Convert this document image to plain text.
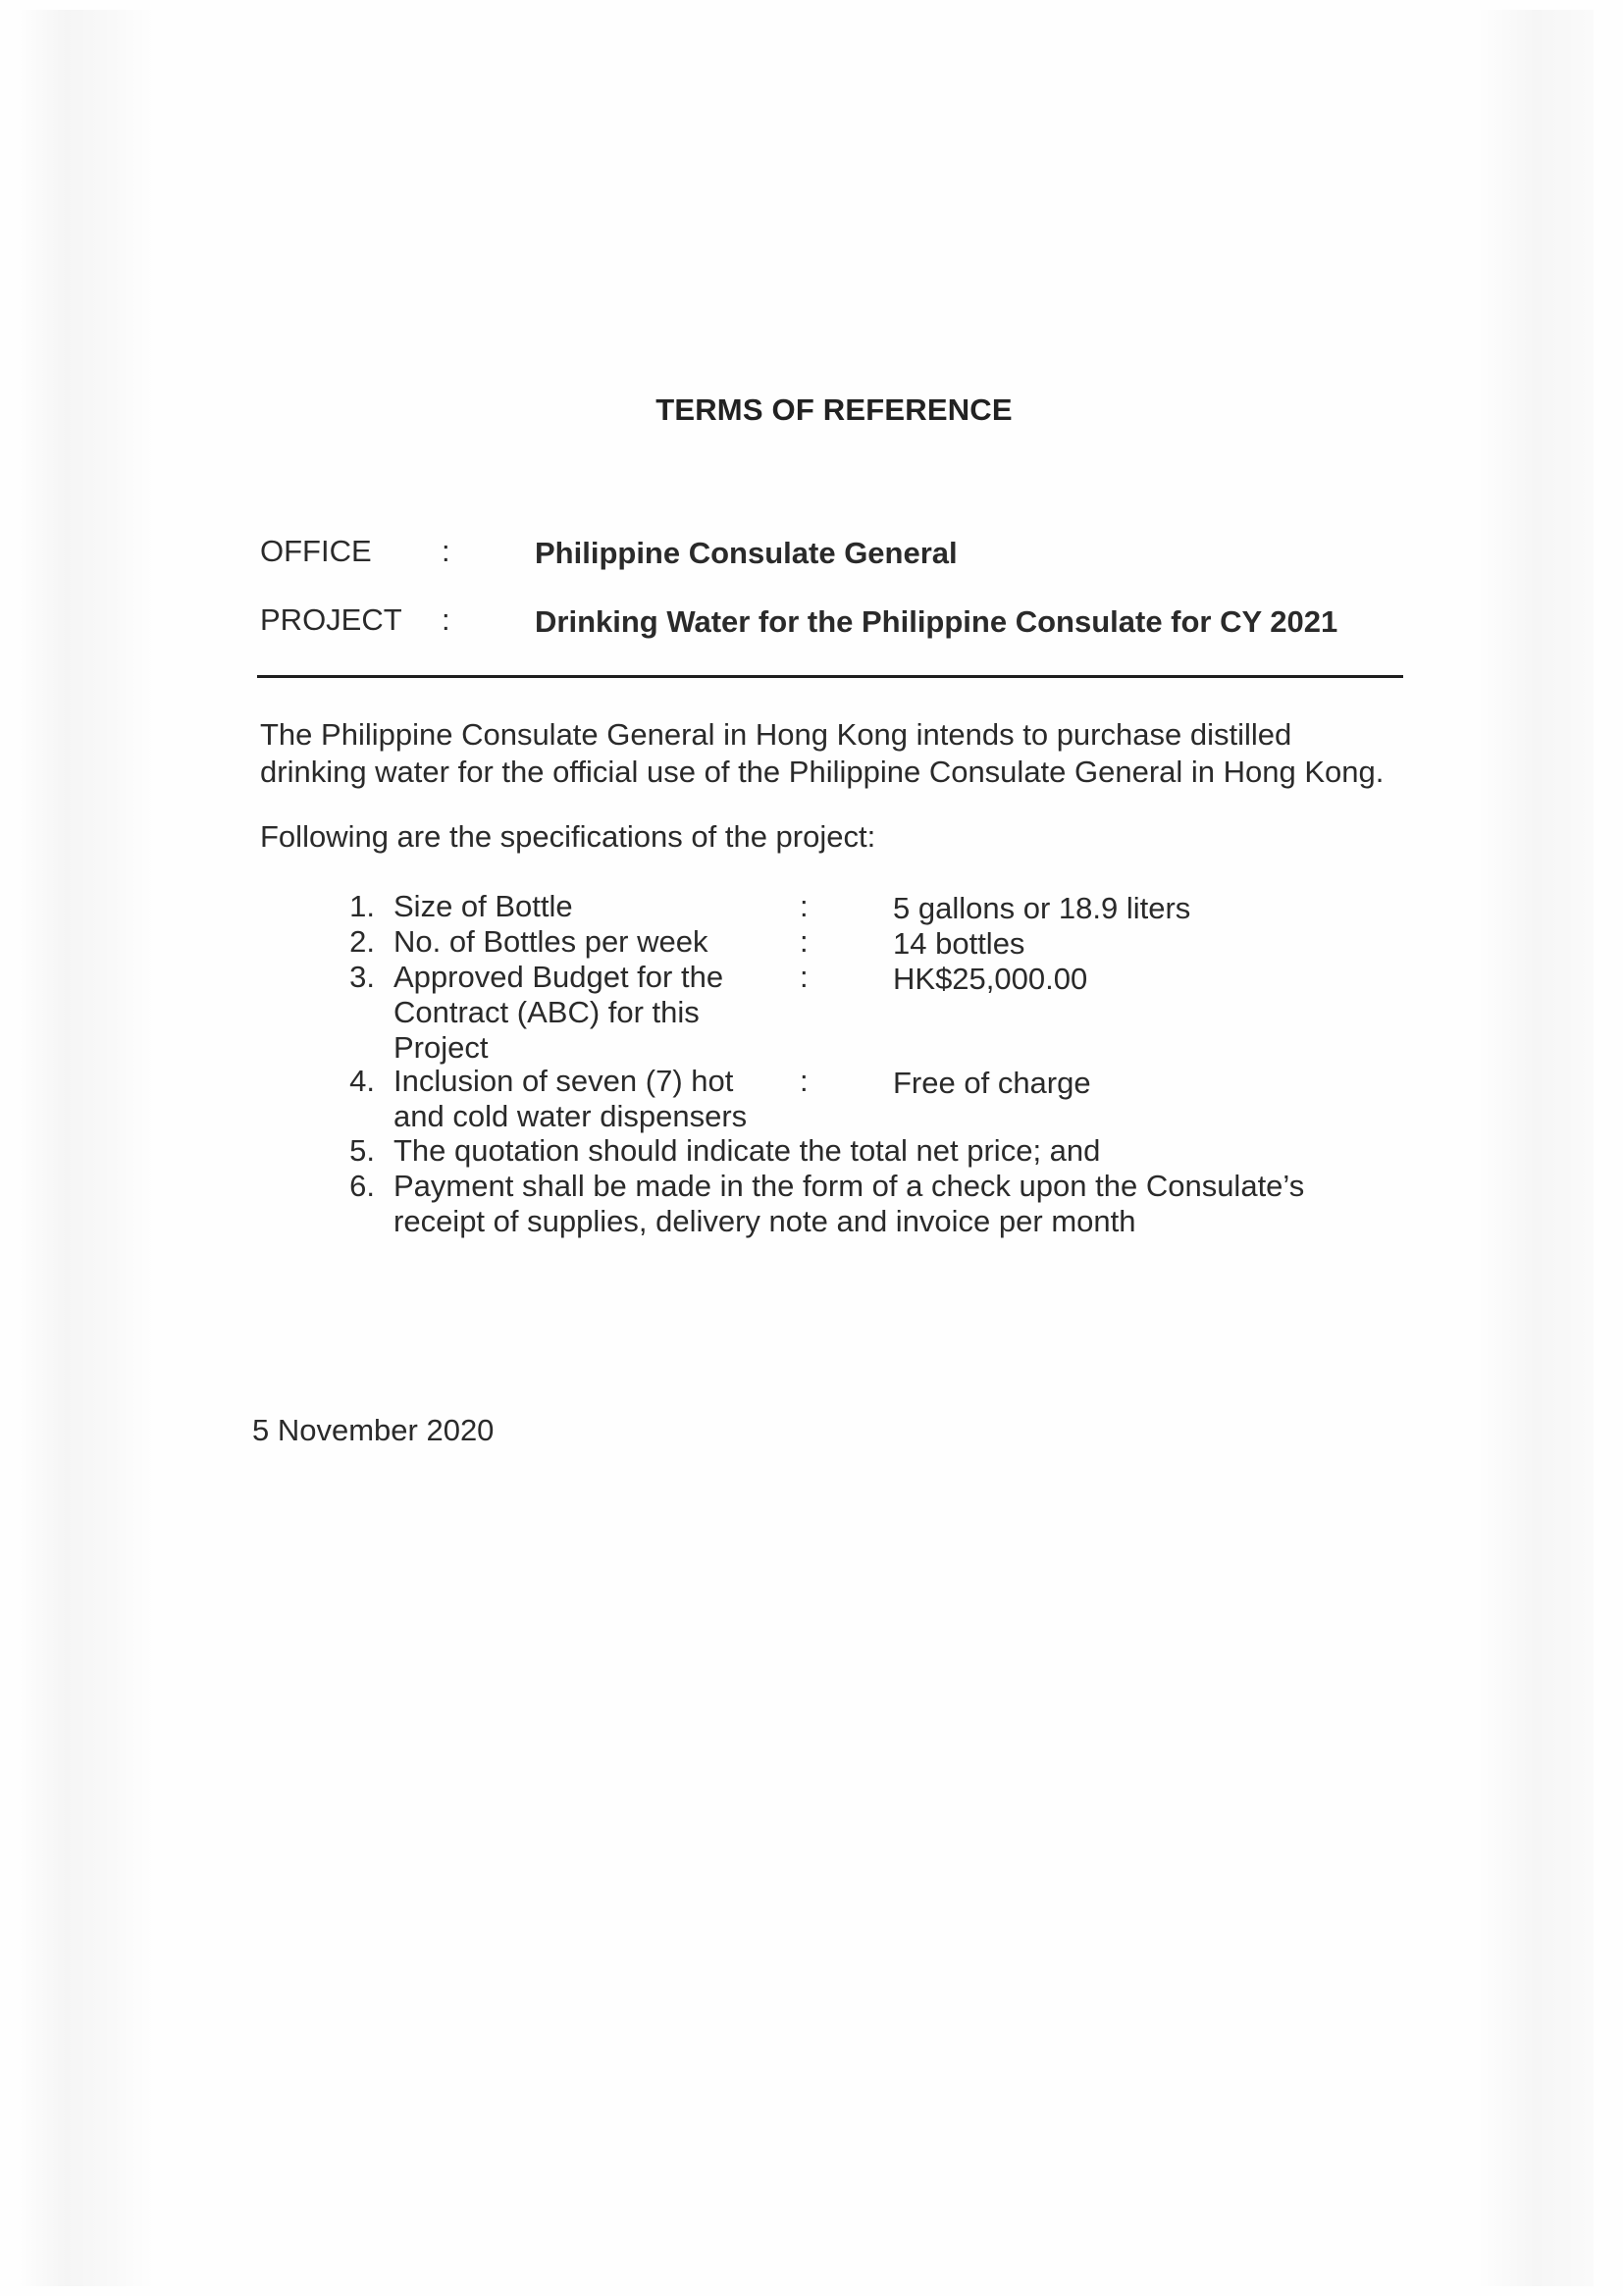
TERMS OF REFERENCE
OFFICE :	Philippine Consulate General
PROJECT :	Drinking Water for the Philippine Consulate for CY 2021
The Philippine Consulate General in Hong Kong intends to purchase distilled
drinking water for the official use of the Philippine Consulate General in Hong Kong.
Following are the specifications of the project:
1. Size of Bottle	:	5 gallons or 18.9 liters
2. No. of Bottles per week	:	14 bottles
3. Approved Budget for the
Contract (ABC) for this
Project
:	HK$25,000.00
4. Inclusion of seven (7) hot
and cold water dispensers
:	Free of charge
5. The quotation should indicate the total net price; and
6. Payment shall be made in the form of a check upon the Consulate’s
receipt of supplies, delivery note and invoice per month
5 November 2020
